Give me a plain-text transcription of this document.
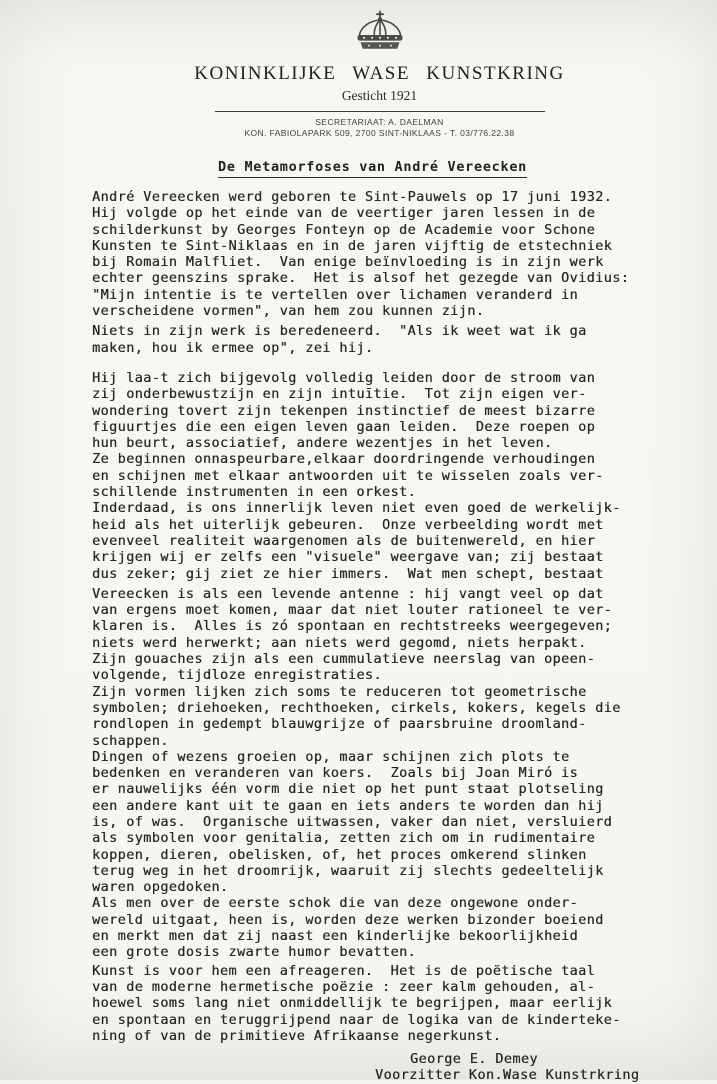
KONINKLIJKE WASE KUNSTKRING
Gesticht 1921
SECRETARIAAT: A. DAELMAN
KON. FABIOLAPARK 509, 2700 SINT-NIKLAAS - T. 03/776.22.38
De Metamorfoses van André Vereecken
André Vereecken werd geboren te Sint-Pauwels op 17 juni 1932.
Hij volgde op het einde van de veertiger jaren lessen in de
schilderkunst by Georges Fonteyn op de Academie voor Schone
Kunsten te Sint-Niklaas en in de jaren vijftig de etstechniek
bij Romain Malfliet.  Van enige beïnvloeding is in zijn werk
echter geenszins sprake.  Het is alsof het gezegde van Ovidius:
"Mijn intentie is te vertellen over lichamen veranderd in
verscheidene vormen", van hem zou kunnen zijn.
Niets in zijn werk is beredeneerd.  "Als ik weet wat ik ga
maken, hou ik ermee op", zei hij.
Hij laa-t zich bijgevolg volledig leiden door de stroom van
zij onderbewustzijn en zijn intuītie.  Tot zijn eigen ver-
wondering tovert zijn tekenpen instinctief de meest bizarre
figuurtjes die een eigen leven gaan leiden.  Deze roepen op
hun beurt, associatief, andere wezentjes in het leven.
Ze beginnen onnaspeurbare,elkaar doordringende verhoudingen
en schijnen met elkaar antwoorden uit te wisselen zoals ver-
schillende instrumenten in een orkest.
Inderdaad, is ons innerlijk leven niet even goed de werkelijk-
heid als het uiterlijk gebeuren.  Onze verbeelding wordt met
evenveel realiteit waargenomen als de buitenwereld, en hier
krijgen wij er zelfs een "visuele" weergave van; zij bestaat
dus zeker; gij ziet ze hier immers.  Wat men schept, bestaat
Vereecken is als een levende antenne : hij vangt veel op dat
van ergens moet komen, maar dat niet louter rationeel te ver-
klaren is.  Alles is zó spontaan en rechtstreeks weergegeven;
niets werd herwerkt; aan niets werd gegomd, niets herpakt.
Zijn gouaches zijn als een cummulatieve neerslag van opeen-
volgende, tijdloze enregistraties.
Zijn vormen lijken zich soms te reduceren tot geometrische
symbolen; driehoeken, rechthoeken, cirkels, kokers, kegels die
rondlopen in gedempt blauwgrijze of paarsbruine droomland-
schappen.
Dingen of wezens groeien op, maar schijnen zich plots te
bedenken en veranderen van koers.  Zoals bij Joan Miró is
er nauwelijks één vorm die niet op het punt staat plotseling
een andere kant uit te gaan en iets anders te worden dan hij
is, of was.  Organische uitwassen, vaker dan niet, versluierd
als symbolen voor genitalia, zetten zich om in rudimentaire
koppen, dieren, obelisken, of, het proces omkerend slinken
terug weg in het droomrijk, waaruit zij slechts gedeeltelijk
waren opgedoken.
Als men over de eerste schok die van deze ongewone onder-
wereld uitgaat, heen is, worden deze werken bizonder boeiend
en merkt men dat zij naast een kinderlijke bekoorlijkheid
een grote dosis zwarte humor bevatten.
Kunst is voor hem een afreageren.  Het is de poëtische taal
van de moderne hermetische poëzie : zeer kalm gehouden, al-
hoewel soms lang niet onmiddellijk te begrijpen, maar eerlijk
en spontaan en teruggrijpend naar de logika van de kinderteke-
ning of van de primitieve Afrikaanse negerkunst.
George E. Demey
Voorzitter Kon.Wase Kunstrkring
